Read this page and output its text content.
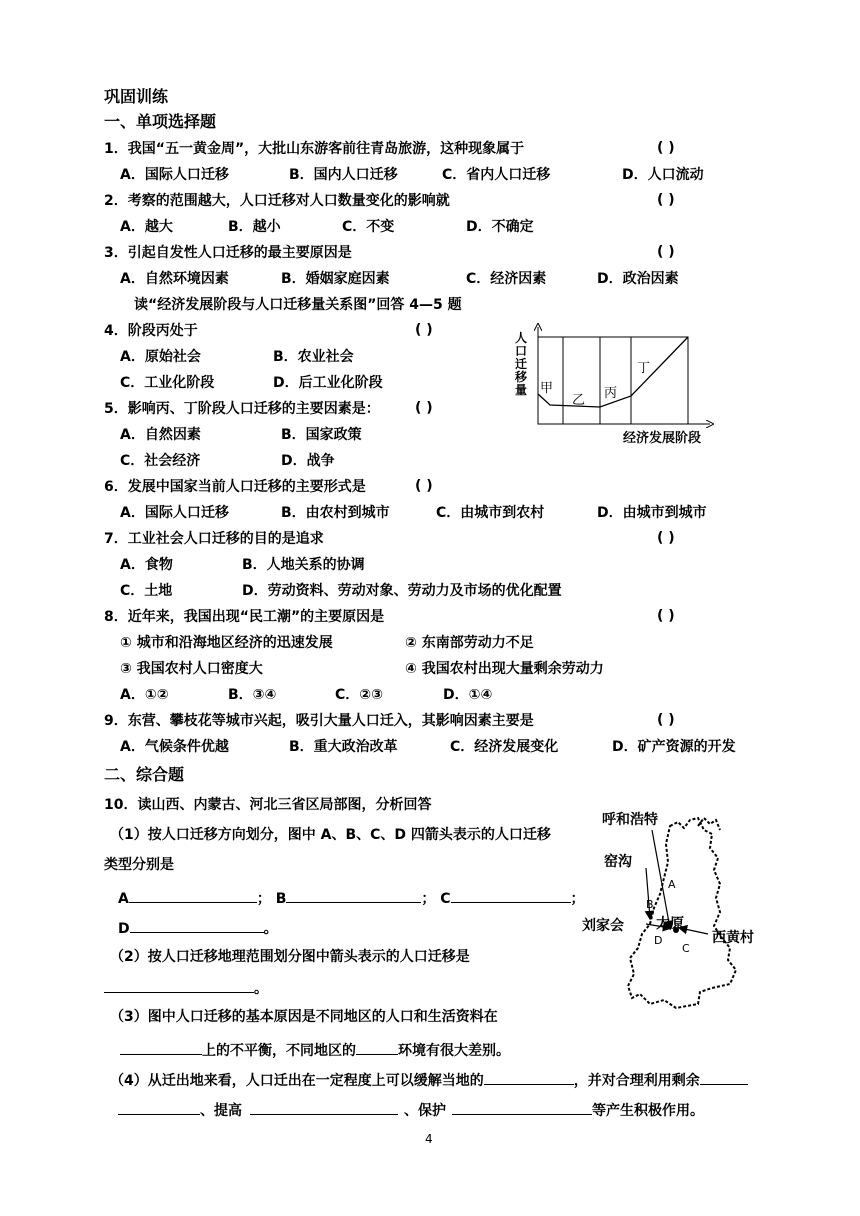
巩固训练
一、单项选择题
1．我国“五一黄金周”，大批山东游客前往青岛旅游，这种现象属于	( )
A．国际人口迁移	B．国内人口迁移	C．省内人口迁移	D．人口流动
2．考察的范围越大，人口迁移对人口数量变化的影响就	( )
A．越大	B．越小	C．不变	D．不确定
3．引起自发性人口迁移的最主要原因是	( )
A．自然环境因素	B．婚姻家庭因素	C．经济因素	D．政治因素
读“经济发展阶段与人口迁移量关系图”回答 4—5 题
4．阶段丙处于	( )
A．原始社会	B．农业社会
C．工业化阶段	D．后工业化阶段
5．影响丙、丁阶段人口迁移的主要因素是：	( )
A．自然因素	B．国家政策
C．社会经济	D．战争
人
口
迁
移
量 甲
乙 丙
丁
经济发展阶段
6．发展中国家当前人口迁移的主要形式是	( )
A．国际人口迁移	B．由农村到城市	C．由城市到农村	D．由城市到城市
7．工业社会人口迁移的目的是追求	( )
A．食物	B．人地关系的协调
C．土地	D．劳动资料、劳动对象、劳动力及市场的优化配置
8．近年来，我国出现“民工潮”的主要原因是	( )
① 城市和沿海地区经济的迅速发展	② 东南部劳动力不足
③ 我国农村人口密度大	④ 我国农村出现大量剩余劳动力
A．①②	B．③④	C．②③	D．①④
9．东营、攀枝花等城市兴起，吸引大量人口迁入，其影响因素主要是	( )
A．气候条件优越	B．重大政治改革	C．经济发展变化	D．矿产资源的开发
二、综合题
10．读山西、内蒙古、河北三省区局部图，分析回答
（1）按人口迁移方向划分，图中 A、B、C、D 四箭头表示的人口迁移
类型分别是
A	； B	； C	；
D	。
（2）按人口迁移地理范围划分图中箭头表示的人口迁移是
。
（3）图中人口迁移的基本原因是不同地区的人口和生活资料在
上的不平衡，不同地区的	环境有很大差别。
（4）从迁出地来看，人口迁出在一定程度上可以缓解当地的	，并对合理利用剩余
、提高	、保护	等产生积极作用。
呼和浩特
窑沟
刘家会 太原
西黄村
A
B
C
D
4
